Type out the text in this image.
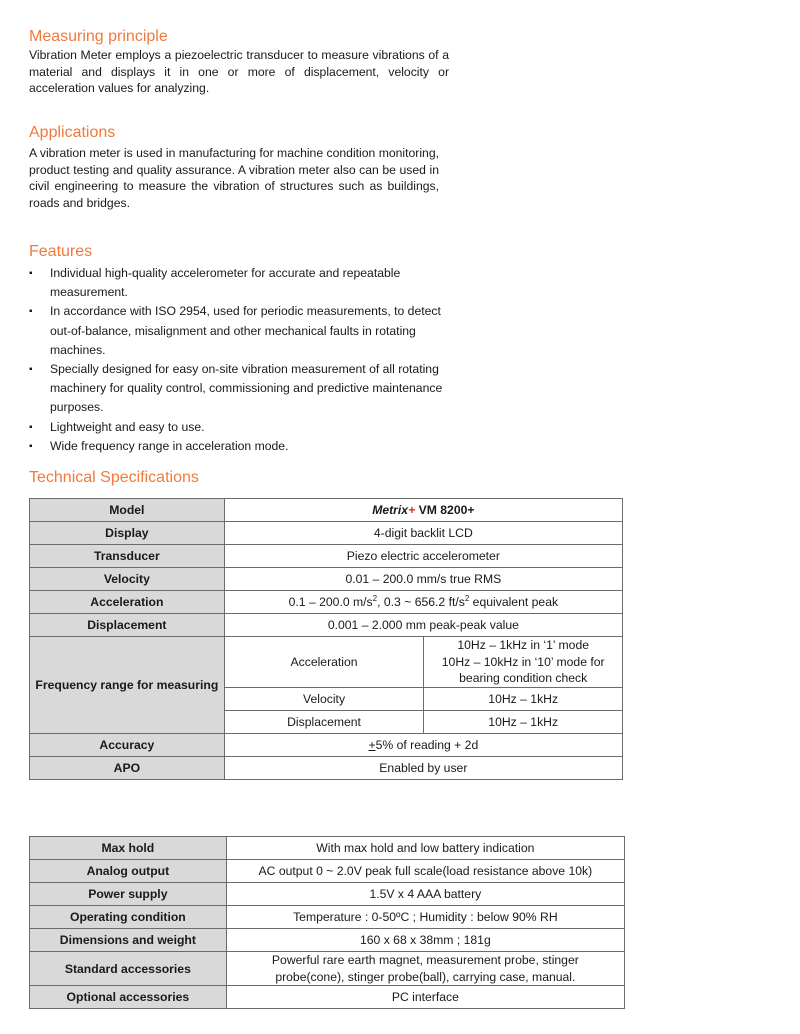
Measuring principle
Vibration Meter employs a piezoelectric transducer to measure vibrations of a material and displays it in one or more of displacement, velocity or acceleration values for analyzing.
Applications
A vibration meter is used in manufacturing for machine condition monitoring, product testing and quality assurance. A vibration meter also can be used in civil engineering to measure the vibration of structures such as buildings, roads and bridges.
Features
▪ Individual high-quality accelerometer for accurate and repeatable measurement.
▪ In accordance with ISO 2954, used for periodic measurements, to detect out-of-balance, misalignment and other mechanical faults in rotating machines.
▪ Specially designed for easy on-site vibration measurement of all rotating machinery for quality control, commissioning and predictive maintenance purposes.
▪ Lightweight and easy to use.
▪ Wide frequency range in acceleration mode.
Technical Specifications
Model	Metrix+ VM 8200+	
Display	4-digit backlit LCD	
Transducer	Piezo electric accelerometer	
Velocity	0.01 – 200.0 mm/s true RMS	
Acceleration	0.1 – 200.0 $m/s^2$, 0.3 ~ 656.2 $ft/s^2$ equivalent peak	
Displacement	0.001 – 2.000 mm peak-peak value	
Frequency range for measuring	Acceleration	10Hz – 1kHz in ‘1’ mode
10Hz – 10kHz in ‘10’ mode for
bearing condition check

	Velocity	10Hz – 1kHz
	Displacement	10Hz – 1kHz
Accuracy	+5% of reading + 2d	
APO	Enabled by user	
Max hold	With max hold and low battery indication
Analog output	AC output 0 ~ 2.0V peak full scale(load resistance above 10k)
Power supply	1.5V x 4 AAA battery
Operating condition	Temperature : 0-50ºC ; Humidity : below 90% RH
Dimensions and weight	160 x 68 x 38mm ; 181g
Standard accessories	Powerful rare earth magnet, measurement probe, stinger
probe(cone), stinger probe(ball), carrying case, manual.

Optional accessories	PC interface
